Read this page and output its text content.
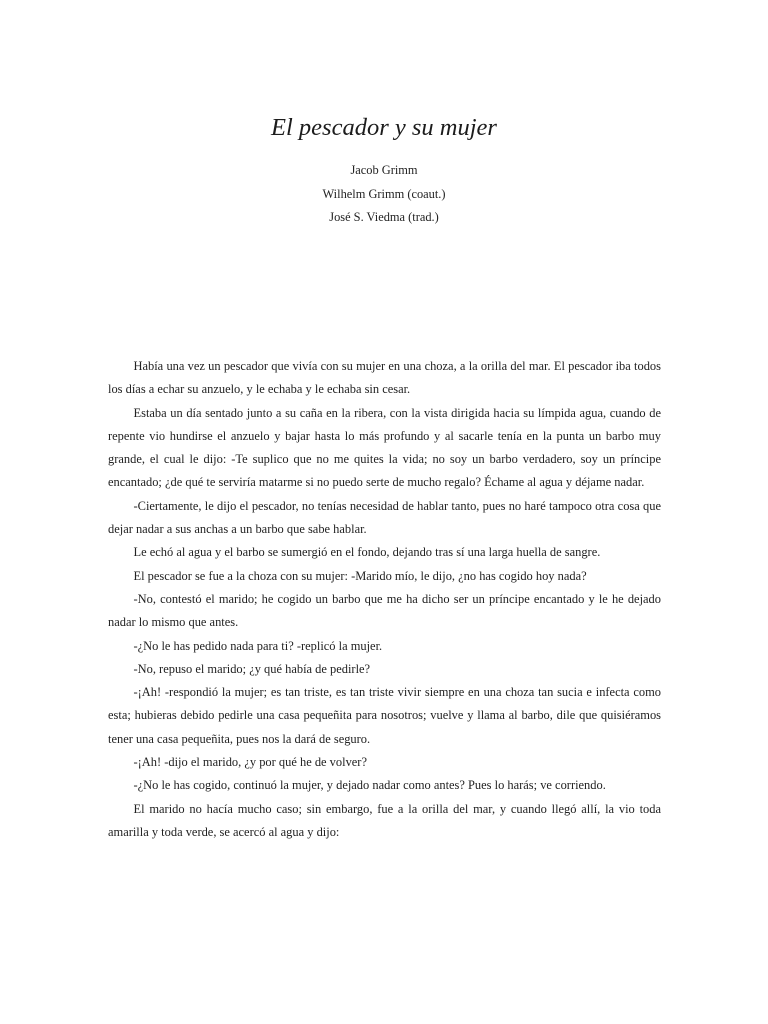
El pescador y su mujer
Jacob Grimm
Wilhelm Grimm (coaut.)
José S. Viedma (trad.)

Había una vez un pescador que vivía con su mujer en una choza, a la orilla del mar. El pescador iba todos los días a echar su anzuelo, y le echaba y le echaba sin cesar.

Estaba un día sentado junto a su caña en la ribera, con la vista dirigida hacia su límpida agua, cuando de repente vio hundirse el anzuelo y bajar hasta lo más profundo y al sacarle tenía en la punta un barbo muy grande, el cual le dijo: -Te suplico que no me quites la vida; no soy un barbo verdadero, soy un príncipe encantado; ¿de qué te serviría matarme si no puedo serte de mucho regalo? Échame al agua y déjame nadar.

-Ciertamente, le dijo el pescador, no tenías necesidad de hablar tanto, pues no haré tampoco otra cosa que dejar nadar a sus anchas a un barbo que sabe hablar.

Le echó al agua y el barbo se sumergió en el fondo, dejando tras sí una larga huella de sangre.

El pescador se fue a la choza con su mujer: -Marido mío, le dijo, ¿no has cogido hoy nada?

-No, contestó el marido; he cogido un barbo que me ha dicho ser un príncipe encantado y le he dejado nadar lo mismo que antes.

-¿No le has pedido nada para ti? -replicó la mujer.

-No, repuso el marido; ¿y qué había de pedirle?

-¡Ah! -respondió la mujer; es tan triste, es tan triste vivir siempre en una choza tan sucia e infecta como esta; hubieras debido pedirle una casa pequeñita para nosotros; vuelve y llama al barbo, dile que quisiéramos tener una casa pequeñita, pues nos la dará de seguro.

-¡Ah! -dijo el marido, ¿y por qué he de volver?

-¿No le has cogido, continuó la mujer, y dejado nadar como antes? Pues lo harás; ve corriendo.

El marido no hacía mucho caso; sin embargo, fue a la orilla del mar, y cuando llegó allí, la vio toda amarilla y toda verde, se acercó al agua y dijo:
